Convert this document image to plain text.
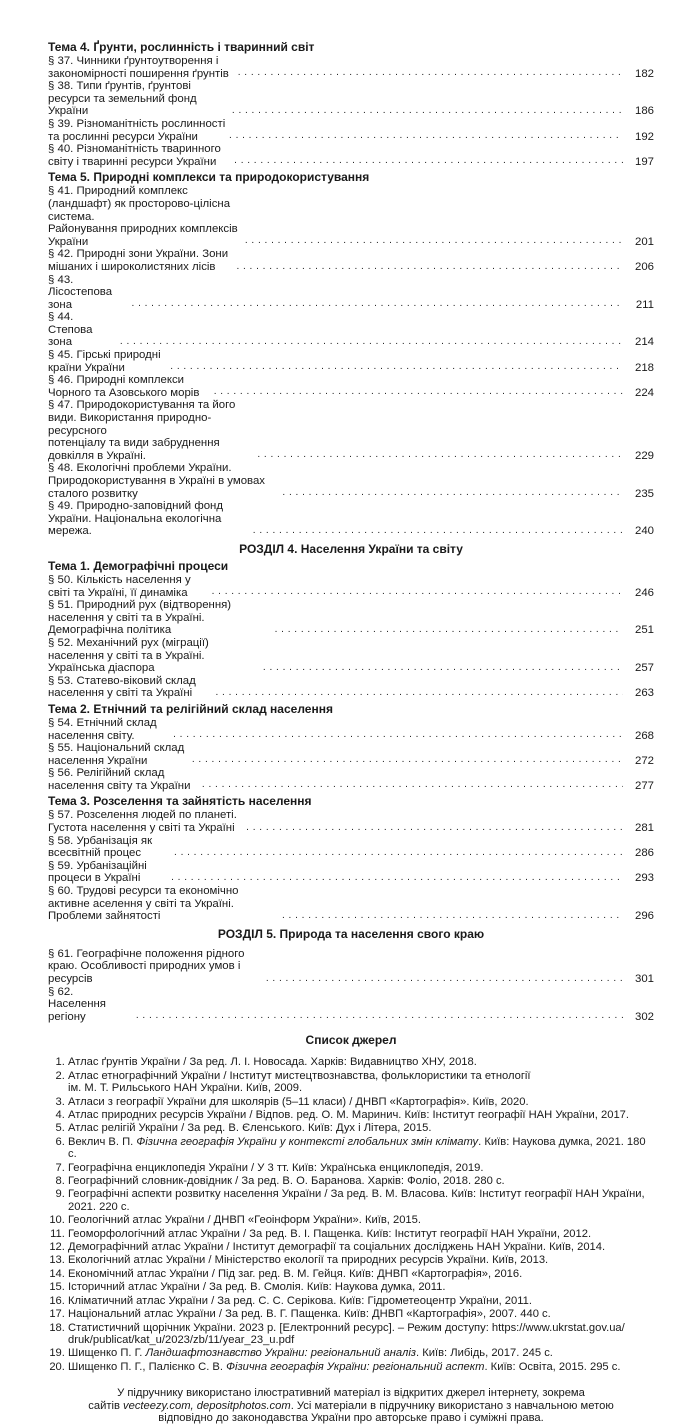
Тема 4. Ґрунти, рослинність і тваринний світ
§ 37. Чинники ґрунтоутворення і закономірності поширення ґрунтів . . .	182
§ 38. Типи ґрунтів, ґрунтові ресурси та земельний фонд України . . .	186
§ 39. Різноманітність рослинності та рослинні ресурси України . . .	192
§ 40. Різноманітність тваринного світу і тваринні ресурси України . . .	197
Тема 5. Природні комплекси та природокористування
§ 41. Природний комплекс (ландшафт) як просторово-цілісна система.
Районування природних комплексів України . . .	201
§ 42. Природні зони України. Зони мішаних і широколистяних лісів . . .	206
§ 43. Лісостепова зона . . .	211
§ 44. Степова зона . . .	214
§ 45. Гірські природні країни України . . .	218
§ 46. Природні комплекси Чорного та Азовського морів . . .	224
§ 47. Природокористування та його види. Використання природно-ресурсного
потенціалу та види забруднення довкілля в Україні. . . .	229
§ 48. Екологічні проблеми України. Природокористування в Україні в умовах сталого розвитку . . .	235
§ 49. Природно-заповідний фонд України. Національна екологічна мережа. . . .	240
РОЗДІЛ 4. Населення України та світу
Тема 1. Демографічні процеси
§ 50. Кількість населення у світі та Україні, її динаміка . . .	246
§ 51. Природний рух (відтворення) населення у світі та в Україні. Демографічна політика . . .	251
§ 52. Механічний рух (міграції) населення у світі та в Україні. Українська діаспора . . .	257
§ 53. Статево-віковий склад населення у світі та Україні . . .	263
Тема 2. Етнічний та релігійний склад населення
§ 54. Етнічний склад населення світу. . . .	268
§ 55. Національний склад населення України . . .	272
§ 56. Релігійний склад населення світу та України . . .	277
Тема 3. Розселення та зайнятість населення
§ 57. Розселення людей по планеті. Густота населення у світі та Україні . . .	281
§ 58. Урбанізація як всесвітній процес . . .	286
§ 59. Урбанізаційні процеси в Україні . . .	293
§ 60. Трудові ресурси та економічно активне аселення у світі та Україні. Проблеми зайнятості . . .	296
РОЗДІЛ 5. Природа та населення свого краю
§ 61. Географічне положення рідного краю. Особливості природних умов і ресурсів . . .	301
§ 62. Населення регіону . . .	302
Список джерел
1. Атлас ґрунтів України / За ред. Л. І. Новосада. Харків: Видавництво ХНУ, 2018.
2. Атлас етнографічний України / Інститут мистецтвознавства, фольклористики та етнології
ім. М. Т. Рильського НАН України. Київ, 2009.
3. Атласи з географії України для школярів (5–11 класи) / ДНВП «Картографія». Київ, 2020.
4. Атлас природних ресурсів України / Відпов. ред. О. М. Маринич. Київ: Інститут географії НАН України, 2017.
5. Атлас релігій України / За ред. В. Єленського. Київ: Дух і Літера, 2015.
6. Веклич В. П. Фізична географія України у контексті глобальних змін клімату. Київ: Наукова думка, 2021. 180 с.
7. Географічна енциклопедія України / У 3 тт. Київ: Українська енциклопедія, 2019.
8. Географічний словник-довідник / За ред. В. О. Баранова. Харків: Фоліо, 2018. 280 с.
9. Географічні аспекти розвитку населення України / За ред. В. М. Власова. Київ: Інститут географії НАН України, 2021. 220 с.
10. Геологічний атлас України / ДНВП «Геоінформ України». Київ, 2015.
11. Геоморфологічний атлас України / За ред. В. І. Пащенка. Київ: Інститут географії НАН України, 2012.
12. Демографічний атлас України / Інститут демографії та соціальних досліджень НАН України. Київ, 2014.
13. Екологічний атлас України / Міністерство екології та природних ресурсів України. Київ, 2013.
14. Економічний атлас України / Під заг. ред. В. М. Гейця. Київ: ДНВП «Картографія», 2016.
15. Історичний атлас України / За ред. В. Смолія. Київ: Наукова думка, 2011.
16. Кліматичний атлас України / За ред. С. С. Серікова. Київ: Гідрометеоцентр України, 2011.
17. Національний атлас України / За ред. В. Г. Пащенка. Київ: ДНВП «Картографія», 2007. 440 с.
18. Статистичний щорічник України. 2023 р. [Електронний ресурс]. – Режим доступу: https://www.ukrstat.gov.ua/
druk/publicat/kat_u/2023/zb/11/year_23_u.pdf
19. Шищенко П. Г. Ландшафтознавство України: регіональний аналіз. Київ: Либідь, 2017. 245 с.
20. Шищенко П. Г., Палієнко С. В. Фізична географія України: регіональний аспект. Київ: Освіта, 2015. 295 с.
У підручнику використано ілюстративний матеріал із відкритих джерел інтернету, зокрема
сайтів vecteezy.com, depositphotos.com. Усі матеріали в підручнику використано з навчальною метою
відповідно до законодавства України про авторське право і суміжні права.
